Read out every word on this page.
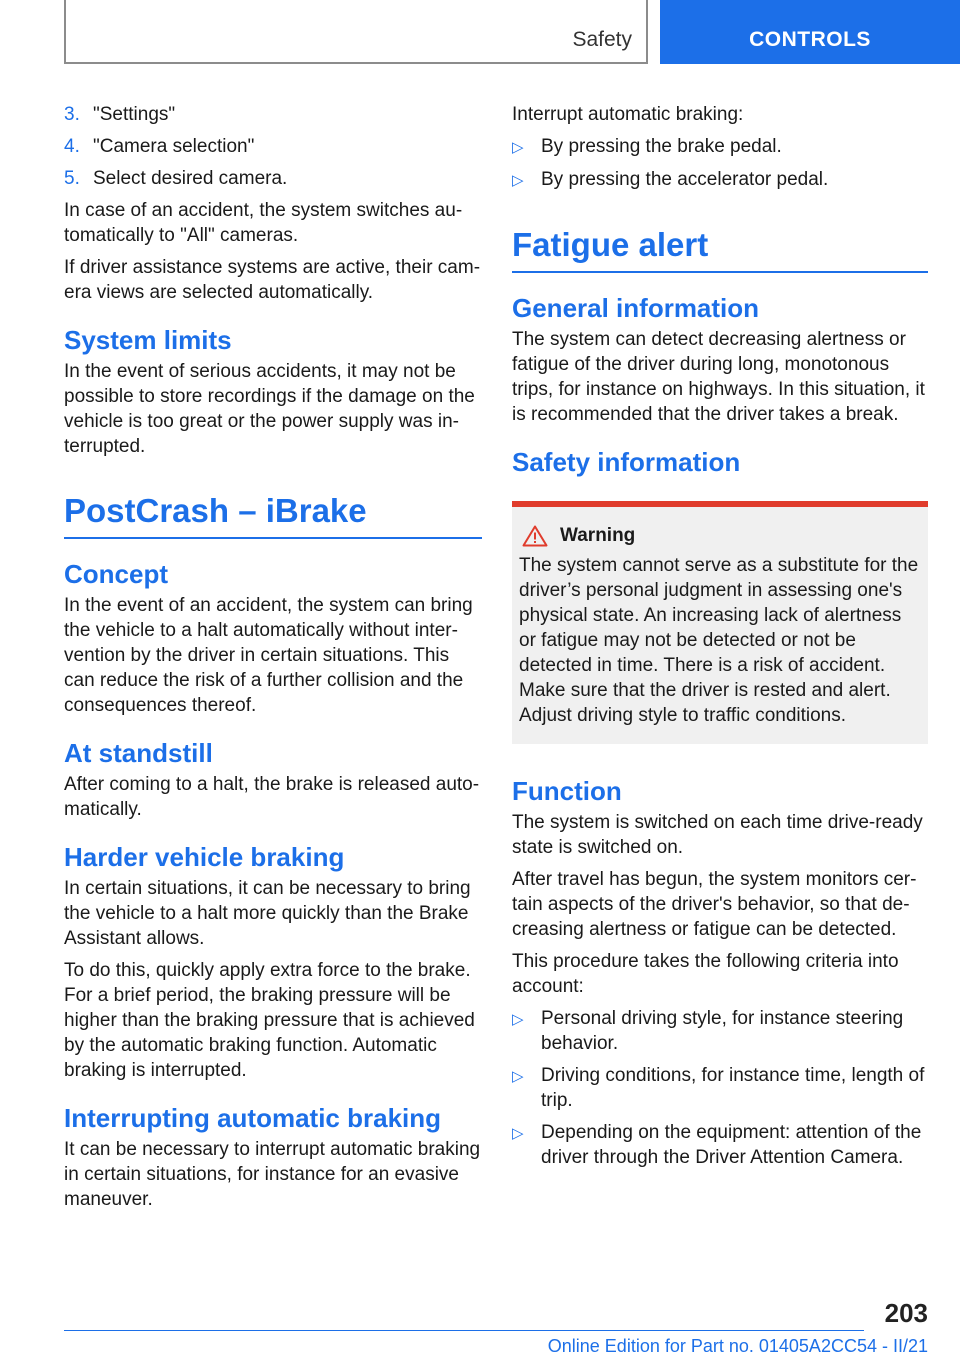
Safety	CONTROLS
3. "Settings"
4. "Camera selection"
5. Select desired camera.

In case of an accident, the system switches automatically to "All" cameras.

If driver assistance systems are active, their camera views are selected automatically.

System limits

In the event of serious accidents, it may not be possible to store recordings if the damage on the vehicle is too great or the power supply was interrupted.

PostCrash – iBrake
Concept

In the event of an accident, the system can bring the vehicle to a halt automatically without intervention by the driver in certain situations. This can reduce the risk of a further collision and the consequences thereof.

At standstill

After coming to a halt, the brake is released automatically.

Harder vehicle braking

In certain situations, it can be necessary to bring the vehicle to a halt more quickly than the Brake Assistant allows.

To do this, quickly apply extra force to the brake. For a brief period, the braking pressure will be higher than the braking pressure that is achieved by the automatic braking function. Automatic braking is interrupted.

Interrupting automatic braking

It can be necessary to interrupt automatic braking in certain situations, for instance for an evasive maneuver.

Interrupt automatic braking:

▷ By pressing the brake pedal.
▷ By pressing the accelerator pedal.
Fatigue alert
General information

The system can detect decreasing alertness or fatigue of the driver during long, monotonous trips, for instance on highways. In this situation, it is recommended that the driver takes a break.

Safety information
Warning

The system cannot serve as a substitute for the driver’s personal judgment in assessing one's physical state. An increasing lack of alertness or fatigue may not be detected or not be detected in time. There is a risk of accident. Make sure that the driver is rested and alert. Adjust driving style to traffic conditions.

Function

The system is switched on each time drive-ready state is switched on.

After travel has begun, the system monitors certain aspects of the driver's behavior, so that decreasing alertness or fatigue can be detected.

This procedure takes the following criteria into account:

▷ Personal driving style, for instance steering behavior.
▷ Driving conditions, for instance time, length of trip.
▷ Depending on the equipment: attention of the driver through the Driver Attention Camera.
203
Online Edition for Part no. 01405A2CC54 - II/21
